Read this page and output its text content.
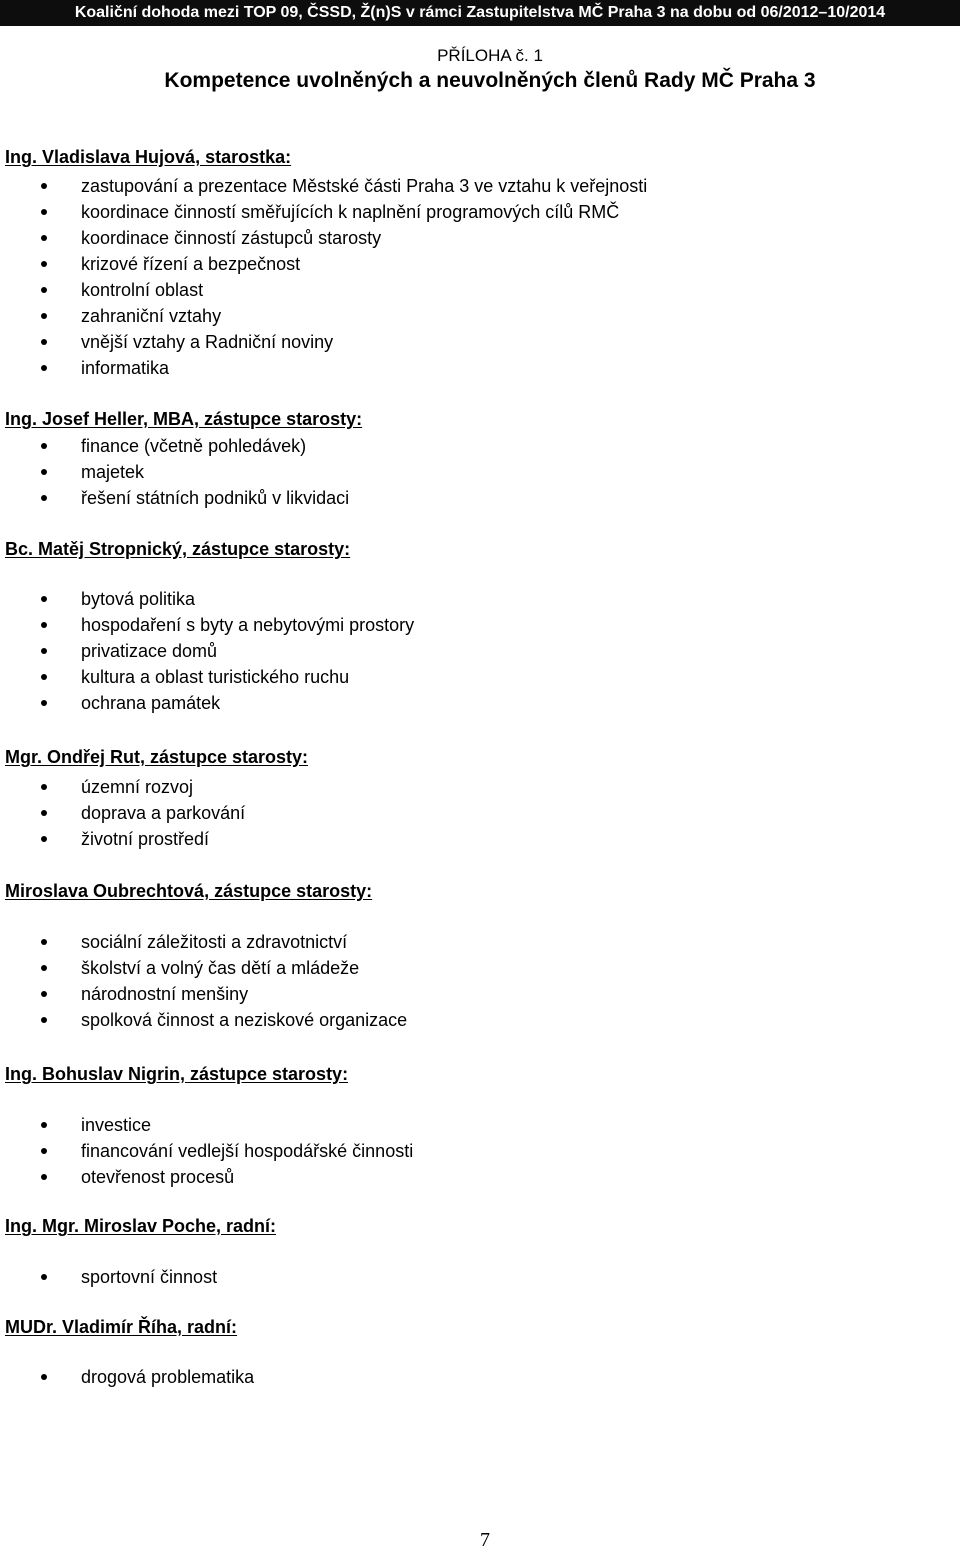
Koaliční dohoda mezi TOP 09, ČSSD, Ž(n)S v rámci Zastupitelstva MČ Praha 3 na dobu od 06/2012–10/2014
PŘÍLOHA č. 1
Kompetence uvolněných a neuvolněných členů Rady MČ Praha 3
Ing. Vladislava Hujová, starostka:
zastupování a prezentace Městské části Praha 3 ve vztahu k veřejnosti
koordinace činností směřujících k naplnění programových cílů RMČ
koordinace činností zástupců starosty
krizové řízení a bezpečnost
kontrolní oblast
zahraniční vztahy
vnější vztahy a Radniční noviny
informatika
Ing. Josef Heller, MBA, zástupce starosty:
finance (včetně pohledávek)
majetek
řešení státních podniků v likvidaci
Bc. Matěj Stropnický, zástupce starosty:
bytová politika
hospodaření s byty a nebytovými prostory
privatizace domů
kultura a oblast turistického ruchu
ochrana památek
Mgr. Ondřej Rut, zástupce starosty:
územní rozvoj
doprava a parkování
životní prostředí
Miroslava Oubrechtová, zástupce starosty:
sociální záležitosti a zdravotnictví
školství a volný čas dětí a mládeže
národnostní menšiny
spolková činnost a neziskové organizace
Ing. Bohuslav Nigrin, zástupce starosty:
investice
financování vedlejší hospodářské činnosti
otevřenost procesů
Ing. Mgr. Miroslav Poche, radní:
sportovní činnost
MUDr. Vladimír Říha, radní:
drogová problematika
7
